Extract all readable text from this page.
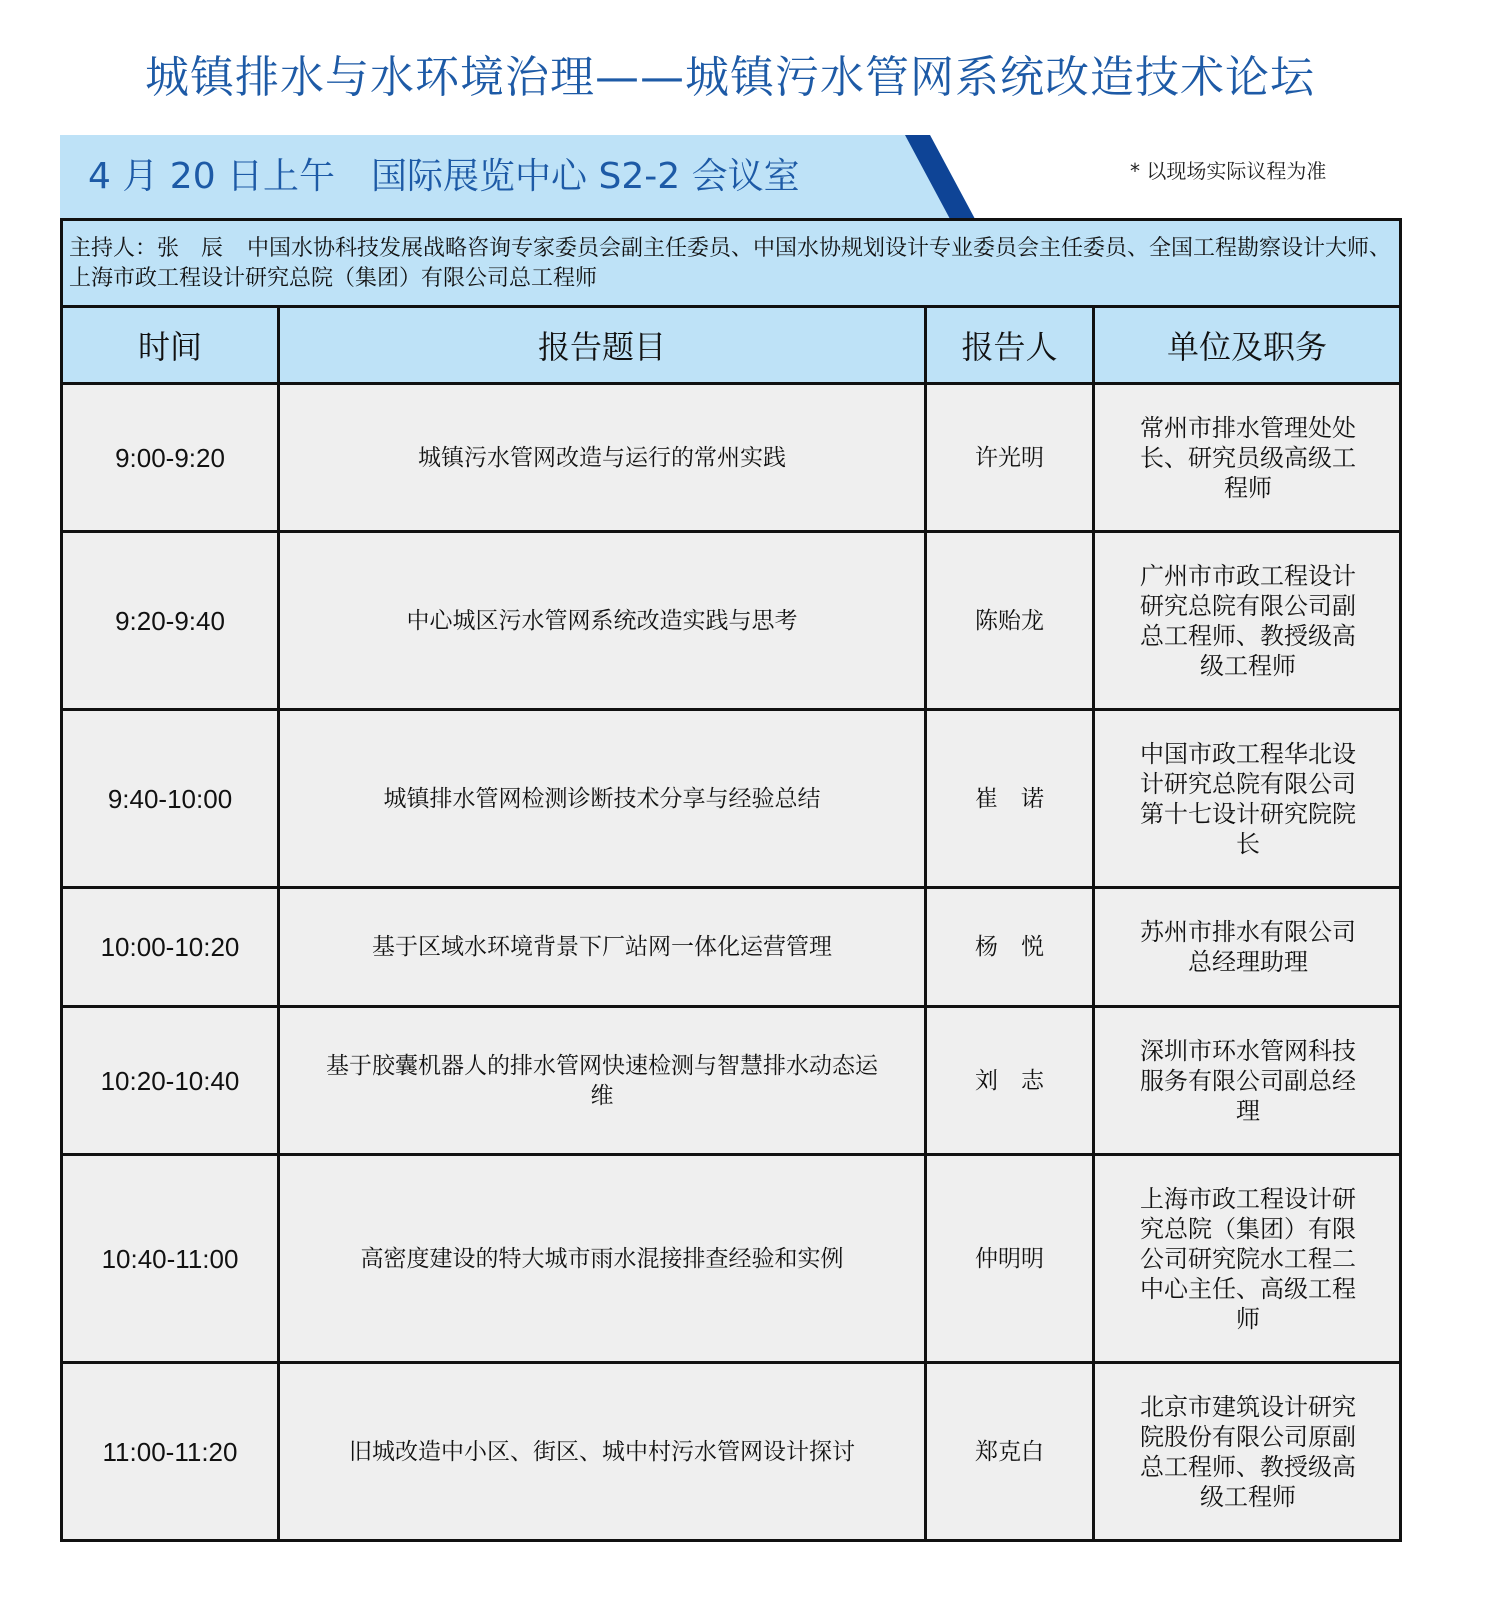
城镇排水与水环境治理——城镇污水管网系统改造技术论坛
4 月 20 日上午 国际展览中心 S2-2 会议室	* 以现场实际议程为准
主持人：张　辰 中国水协科技发展战略咨询专家委员会副主任委员、中国水协规划设计专业委员会主任委员、全国工程勘察设计大师、上海市政工程设计研究总院（集团）有限公司总工程师			
时间	报告题目	报告人	单位及职务
9:00-9:20	城镇污水管网改造与运行的常州实践	许光明	常州市排水管理处处长、研究员级高级工程师
9:20-9:40	中心城区污水管网系统改造实践与思考	陈贻龙	广州市市政工程设计研究总院有限公司副总工程师、教授级高级工程师
9:40-10:00	城镇排水管网检测诊断技术分享与经验总结	崔　诺	中国市政工程华北设计研究总院有限公司第十七设计研究院院长
10:00-10:20	基于区域水环境背景下厂站网一体化运营管理	杨　悦	苏州市排水有限公司总经理助理
10:20-10:40	基于胶囊机器人的排水管网快速检测与智慧排水动态运维	刘　志	深圳市环水管网科技服务有限公司副总经理
10:40-11:00	高密度建设的特大城市雨水混接排查经验和实例	仲明明	上海市政工程设计研究总院（集团）有限公司研究院水工程二中心主任、高级工程师
11:00-11:20	旧城改造中小区、街区、城中村污水管网设计探讨	郑克白	北京市建筑设计研究院股份有限公司原副总工程师、教授级高级工程师
